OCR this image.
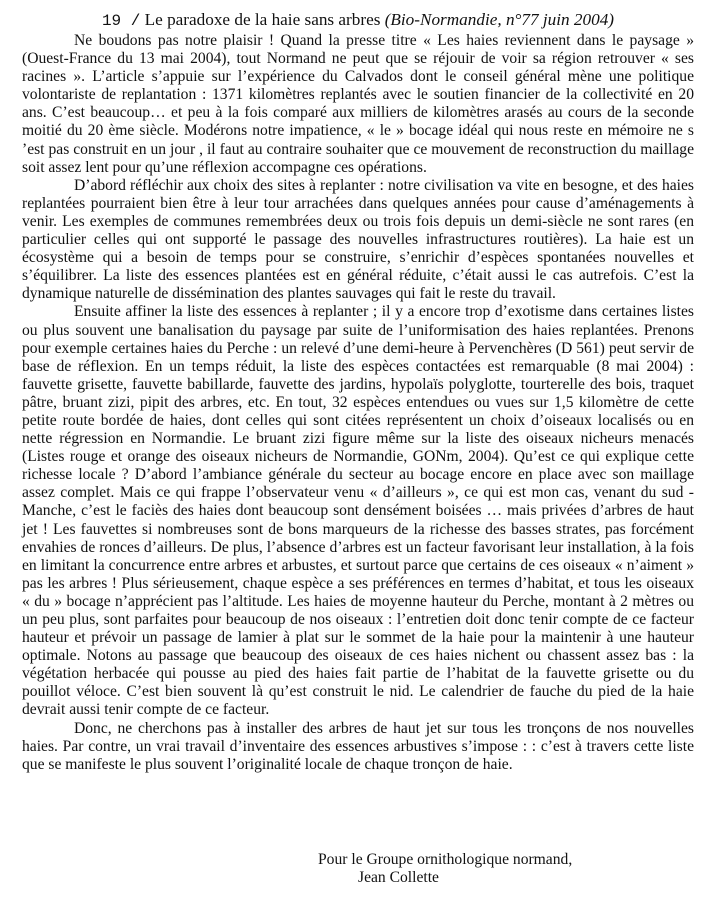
19 / Le paradoxe de la haie sans arbres (Bio-Normandie, n°77 juin 2004)

Ne boudons pas notre plaisir ! Quand la presse titre « Les haies reviennent dans le paysage » (Ouest-France du 13 mai 2004), tout Normand ne peut que se réjouir de voir sa région retrouver « ses racines ». L’article s’appuie sur l’expérience du Calvados dont le conseil général mène une politique volontariste de replantation : 1371 kilomètres replantés avec le soutien financier de la collectivité en 20 ans. C’est beaucoup… et peu à la fois comparé aux milliers de kilomètres arasés au cours de la seconde moitié du 20 ème siècle. Modérons notre impatience, « le » bocage idéal qui nous reste en mémoire ne s ’est pas construit en un jour , il faut au contraire souhaiter que ce mouvement de reconstruction du maillage soit assez lent pour qu’une réflexion accompagne ces opérations.

D’abord réfléchir aux choix des sites à replanter : notre civilisation va vite en besogne, et des haies replantées pourraient bien être à leur tour arrachées dans quelques années pour cause d’aménagements à venir. Les exemples de communes remembrées deux ou trois fois depuis un demi-siècle ne sont rares (en particulier celles qui ont supporté le passage des nouvelles infrastructures routières). La haie est un écosystème qui a besoin de temps pour se construire, s’enrichir d’espèces spontanées nouvelles et s’équilibrer. La liste des essences plantées est en général réduite, c’était aussi le cas autrefois. C’est la dynamique naturelle de dissémination des plantes sauvages qui fait le reste du travail.

Ensuite affiner la liste des essences à replanter ; il y a encore trop d’exotisme dans certaines listes ou plus souvent une banalisation du paysage par suite de l’uniformisation des haies replantées. Prenons pour exemple certaines haies du Perche : un relevé d’une demi-heure à Pervenchères (D 561) peut servir de base de réflexion. En un temps réduit, la liste des espèces contactées est remarquable (8 mai 2004) : fauvette grisette, fauvette babillarde, fauvette des jardins, hypolaïs polyglotte, tourterelle des bois, traquet pâtre, bruant zizi, pipit des arbres, etc. En tout, 32 espèces entendues ou vues sur 1,5 kilomètre de cette petite route bordée de haies, dont celles qui sont citées représentent un choix d’oiseaux localisés ou en nette régression en Normandie. Le bruant zizi figure même sur la liste des oiseaux nicheurs menacés (Listes rouge et orange des oiseaux nicheurs de Normandie, GONm, 2004). Qu’est ce qui explique cette richesse locale ? D’abord l’ambiance générale du secteur au bocage encore en place avec son maillage assez complet. Mais ce qui frappe l’observateur venu « d’ailleurs », ce qui est mon cas, venant du sud - Manche, c’est le faciès des haies dont beaucoup sont densément boisées … mais privées d’arbres de haut jet ! Les fauvettes si nombreuses sont de bons marqueurs de la richesse des basses strates, pas forcément envahies de ronces d’ailleurs. De plus, l’absence d’arbres est un facteur favorisant leur installation, à la fois en limitant la concurrence entre arbres et arbustes, et surtout parce que certains de ces oiseaux « n’aiment » pas les arbres ! Plus sérieusement, chaque espèce a ses préférences en termes d’habitat, et tous les oiseaux « du » bocage n’apprécient pas l’altitude. Les haies de moyenne hauteur du Perche, montant à 2 mètres ou un peu plus, sont parfaites pour beaucoup de nos oiseaux : l’entretien doit donc tenir compte de ce facteur hauteur et prévoir un passage de lamier à plat sur le sommet de la haie pour la maintenir à une hauteur optimale. Notons au passage que beaucoup des oiseaux de ces haies nichent ou chassent assez bas : la végétation herbacée qui pousse au pied des haies fait partie de l’habitat de la fauvette grisette ou du pouillot véloce. C’est bien souvent là qu’est construit le nid. Le calendrier de fauche du pied de la haie devrait aussi tenir compte de ce facteur.

Donc, ne cherchons pas à installer des arbres de haut jet sur tous les tronçons de nos nouvelles haies. Par contre, un vrai travail d’inventaire des essences arbustives s’impose : : c’est à travers cette liste que se manifeste le plus souvent l’originalité locale de chaque tronçon de haie.

Pour le Groupe ornithologique normand,
Jean Collette
